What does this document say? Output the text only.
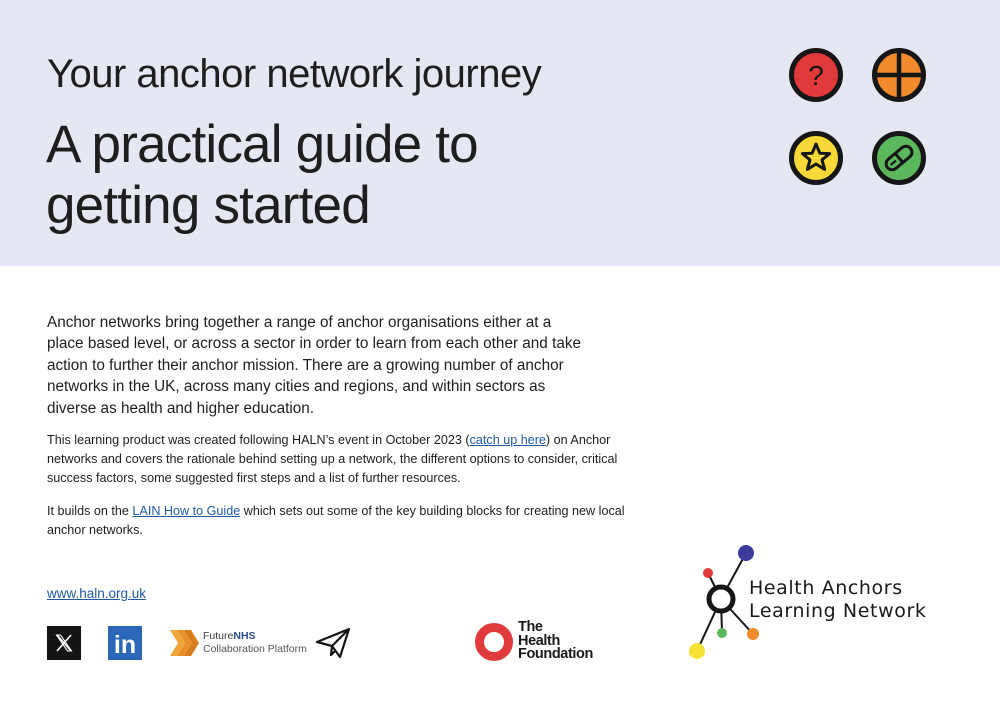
Your anchor network journey
A practical guide to getting started
?
Anchor networks bring together a range of anchor organisations either at a place based level, or across a sector in order to learn from each other and take action to further their anchor mission. There are a growing number of anchor networks in the UK, across many cities and regions, and within sectors as diverse as health and higher education.
This learning product was created following HALN’s event in October 2023 (catch up here) on Anchor networks and covers the rationale behind setting up a network, the different options to consider, critical success factors, some suggested first steps and a list of further resources.
It builds on the LAIN How to Guide which sets out some of the key building blocks for creating new local anchor networks.
www.haln.org.uk
in	FutureNHS
Collaboration Platform
The
Health
Foundation
Health Anchors
Learning Network
